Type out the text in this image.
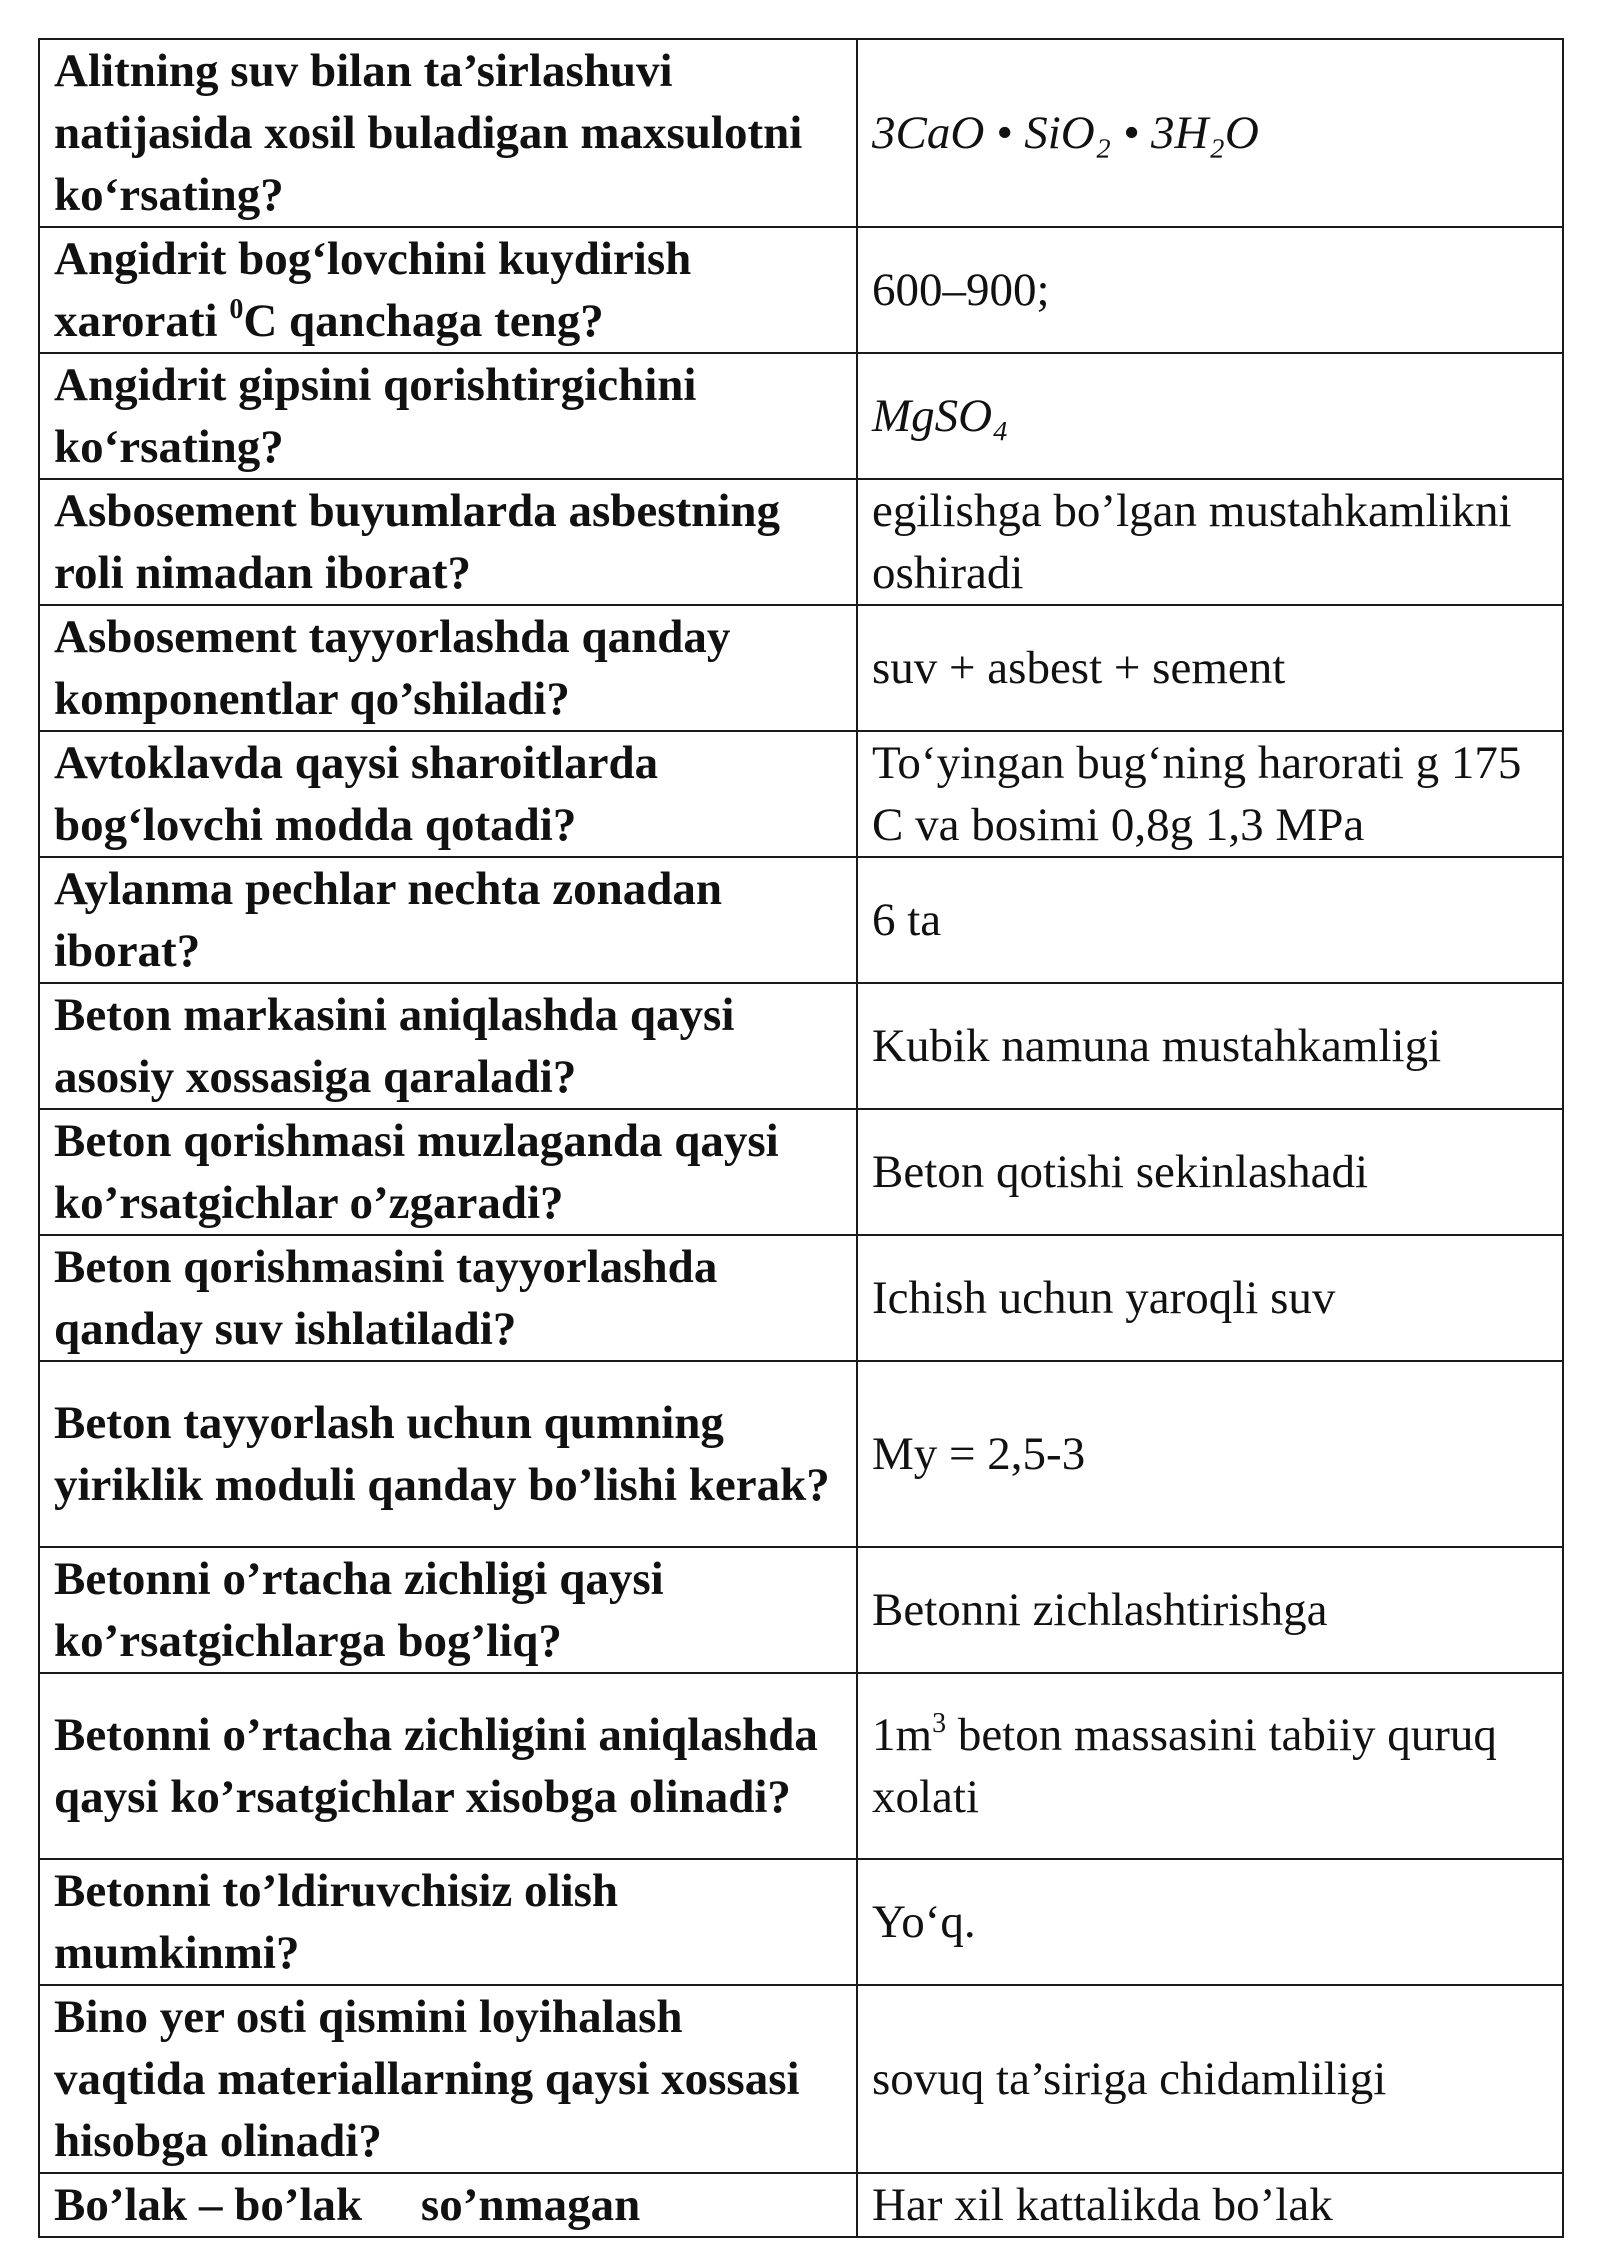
Alitning suv bilan ta’sirlashuvi natijasida xosil buladigan maxsulotni ko‘rsating?	3CaO • SiO₂ • 3H₂O
Angidrit bog‘lovchini kuydirish xarorati $^0$C qanchaga teng?	600–900;
Angidrit gipsini qorishtirgichini ko‘rsating?	MgSO₄
Asbosement buyumlarda asbestning roli nimadan iborat?	egilishga bo’lgan mustahkamlikni oshiradi
Asbosement tayyorlashda qanday komponentlar qo’shiladi?	suv + asbest + sement
Avtoklavda qaysi sharoitlarda bog‘lovchi modda qotadi?	To‘yingan bug‘ning harorati g 175 C va bosimi 0,8g 1,3 MPa
Aylanma pechlar nechta zonadan iborat?	6 ta
Beton markasini aniqlashda qaysi asosiy xossasiga qaraladi?	Kubik namuna mustahkamligi
Beton qorishmasi muzlaganda qaysi ko’rsatgichlar o’zgaradi?	Beton qotishi sekinlashadi
Beton qorishmasini tayyorlashda qanday suv ishlatiladi?	Ichish uchun yaroqli suv
Beton tayyorlash uchun qumning yiriklik moduli qanday bo’lishi kerak?	My = 2,5-3
Betonni o’rtacha zichligi qaysi ko’rsatgichlarga bog’liq?	Betonni zichlashtirishga
Betonni o’rtacha zichligini aniqlashda qaysi ko’rsatgichlar xisobga olinadi?	$1m^3$ beton massasini tabiiy quruq xolati
Betonni to’ldiruvchisiz olish mumkinmi?	Yo‘q.
Bino yer osti qismini loyihalash vaqtida materiallarning qaysi xossasi hisobga olinadi?	sovuq ta’siriga chidamliligi
Bo’lak – bo’lak     so’nmagan	Har xil kattalikda bo’lak
